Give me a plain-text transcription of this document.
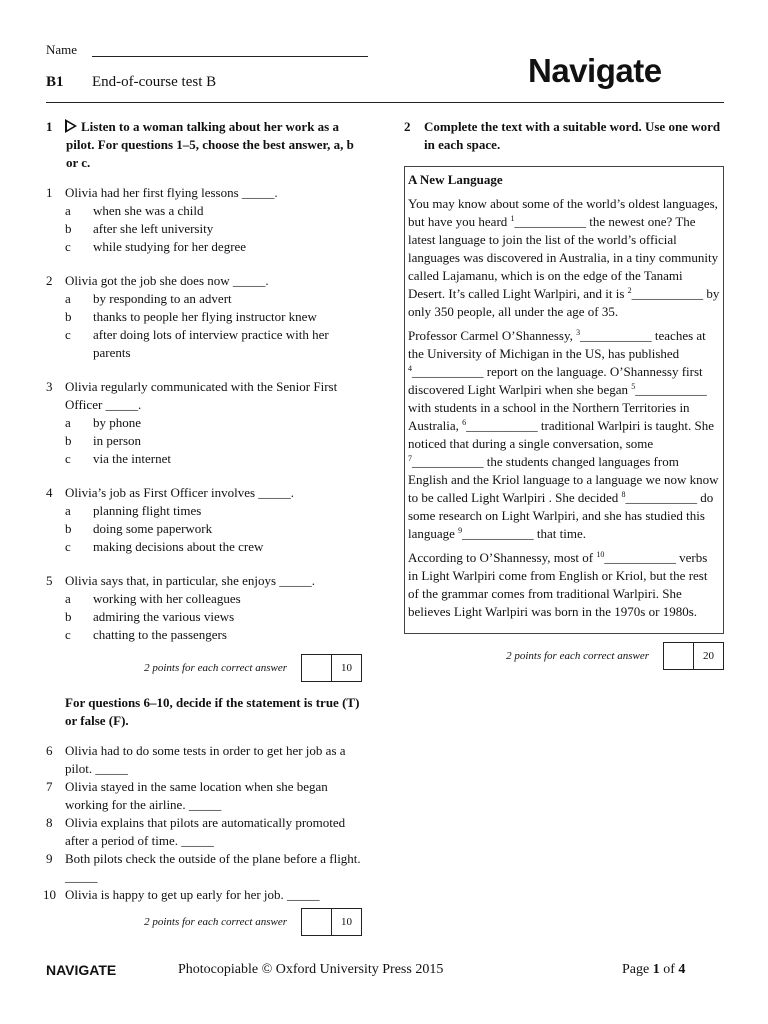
Name
B1 End-of-course test B	Navigate
1	Listen to a woman talking about her work as a pilot. For questions 1–5, choose the best answer, a, b or c.
1 Olivia had her first flying lessons _____.
a	when she was a child
b	after she left university
c	while studying for her degree
2 Olivia got the job she does now _____.
a	by responding to an advert
b	thanks to people her flying instructor knew
c	after doing lots of interview practice with her parents
3 Olivia regularly communicated with the Senior First Officer _____.
a	by phone
b	in person
c	via the internet
4 Olivia’s job as First Officer involves _____.
a	planning flight times
b	doing some paperwork
c	making decisions about the crew
5 Olivia says that, in particular, she enjoys _____.
a	working with her colleagues
b	admiring the various views
c	chatting to the passengers
2 points for each correct answer	10
For questions 6–10, decide if the statement is true (T) or false (F).
6 Olivia had to do some tests in order to get her job as a pilot. _____
7 Olivia stayed in the same location when she began working for the airline. _____
8 Olivia explains that pilots are automatically promoted after a period of time. _____
9 Both pilots check the outside of the plane before a flight. _____
10 Olivia is happy to get up early for her job. _____
2 points for each correct answer	10
2	Complete the text with a suitable word. Use one word in each space.
A New Language

You may know about some of the world’s oldest languages, but have you heard $^1$___________ the newest one? The latest language to join the list of the world’s official languages was discovered in Australia, in a tiny community called Lajamanu, which is on the edge of the Tanami Desert. It’s called Light Warlpiri, and it is $^2$___________ by only 350 people, all under the age of 35.

Professor Carmel O’Shannessy, $^3$___________ teaches at the University of Michigan in the US, has published $^4$___________ report on the language. O’Shannessy first discovered Light Warlpiri when she began $^5$___________ with students in a school in the Northern Territories in Australia, $^6$___________ traditional Warlpiri is taught. She noticed that during a single conversation, some $^7$___________ the students changed languages from English and the Kriol language to a language we now know to be called Light Warlpiri . She decided $^8$___________ do some research on Light Warlpiri, and she has studied this language $^9$___________ that time.

According to O’Shannessy, most of $^{10}$___________ verbs in Light Warlpiri come from English or Kriol, but the rest of the grammar comes from traditional Warlpiri. She believes Light Warlpiri was born in the 1970s or 1980s.

2 points for each correct answer	20
NAVIGATE	Photocopiable © Oxford University Press 2015	Page 1 of 4
